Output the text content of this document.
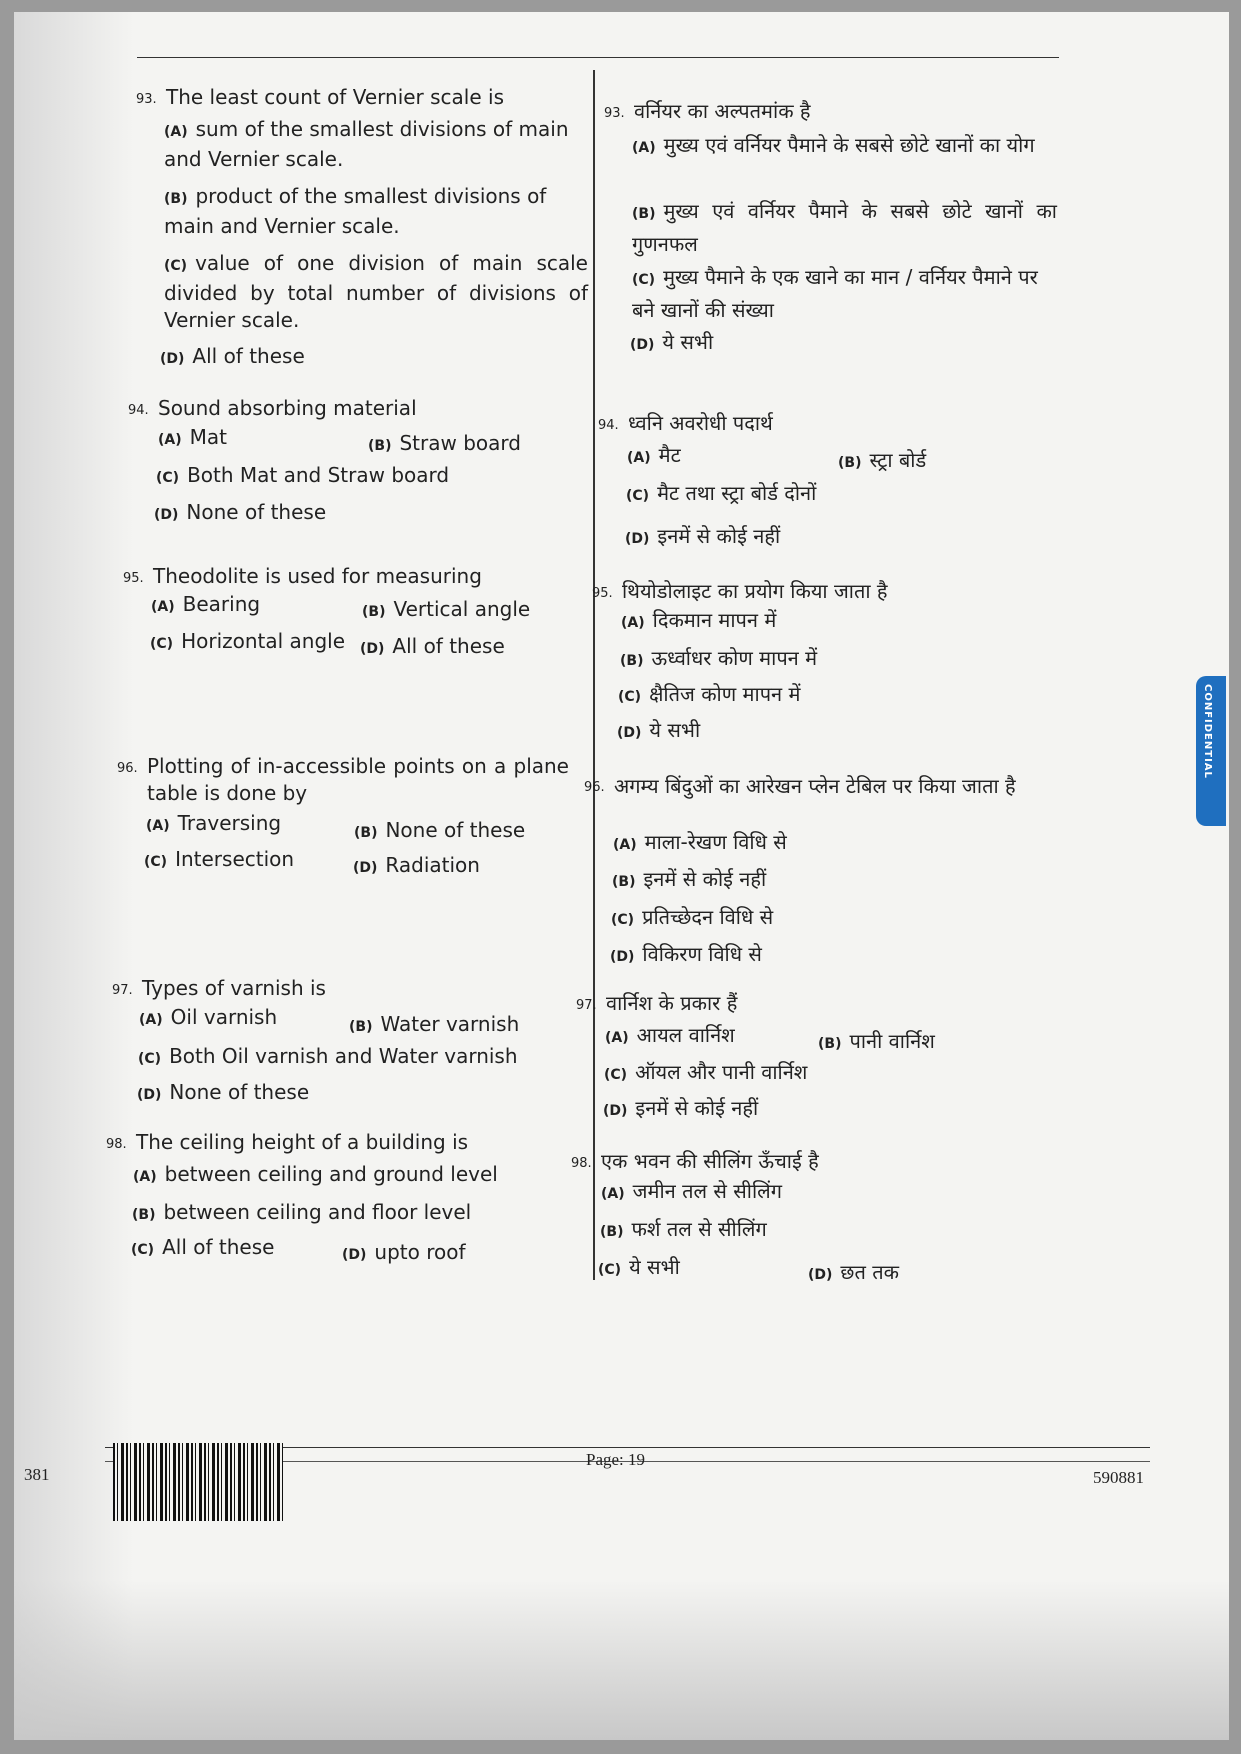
93. The least count of Vernier scale is
(A) sum of the smallest divisions of main and Vernier scale.
(B) product of the smallest divisions of main and Vernier scale.
(C) value of one division of main scale divided by total number of divisions of Vernier scale.
(D) All of these
94. Sound absorbing material
(A) Mat	(B) Straw board
(C) Both Mat and Straw board
(D) None of these
95. Theodolite is used for measuring
(A) Bearing	(B) Vertical angle
(C) Horizontal angle (D) All of these
96. Plotting of in-accessible points on a plane table is done by
(A) Traversing	(B) None of these
(C) Intersection	(D) Radiation
97. Types of varnish is
(A) Oil varnish	(B) Water varnish
(C) Both Oil varnish and Water varnish
(D) None of these
98. The ceiling height of a building is
(A) between ceiling and ground level
(B) between ceiling and floor level
(C) All of these	(D) upto roof
93. वर्नियर का अल्पतमांक है
(A) मुख्य एवं वर्नियर पैमाने के सबसे छोटे खानों का योग
(B) मुख्य एवं वर्नियर पैमाने के सबसे छोटे खानों का गुणनफल
(C) मुख्य पैमाने के एक खाने का मान / वर्नियर पैमाने पर बने खानों की संख्या
(D) ये सभी
94. ध्वनि अवरोधी पदार्थ
(A) मैट	(B) स्ट्रा बोर्ड
(C) मैट तथा स्ट्रा बोर्ड दोनों
(D) इनमें से कोई नहीं
95. थियोडोलाइट का प्रयोग किया जाता है
(A) दिकमान मापन में
(B) ऊर्ध्वाधर कोण मापन में
(C) क्षैतिज कोण मापन में
(D) ये सभी
96. अगम्य बिंदुओं का आरेखन प्लेन टेबिल पर किया जाता है
(A) माला-रेखण विधि से
(B) इनमें से कोई नहीं
(C) प्रतिच्छेदन विधि से
(D) विकिरण विधि से
97. वार्निश के प्रकार हैं
(A) आयल वार्निश	(B) पानी वार्निश
(C) ऑयल और पानी वार्निश
(D) इनमें से कोई नहीं
98. एक भवन की सीलिंग ऊँचाई है
(A) जमीन तल से सीलिंग
(B) फर्श तल से सीलिंग
(C) ये सभी	(D) छत तक
CONFIDENTIAL
Page: 19
590881
381
